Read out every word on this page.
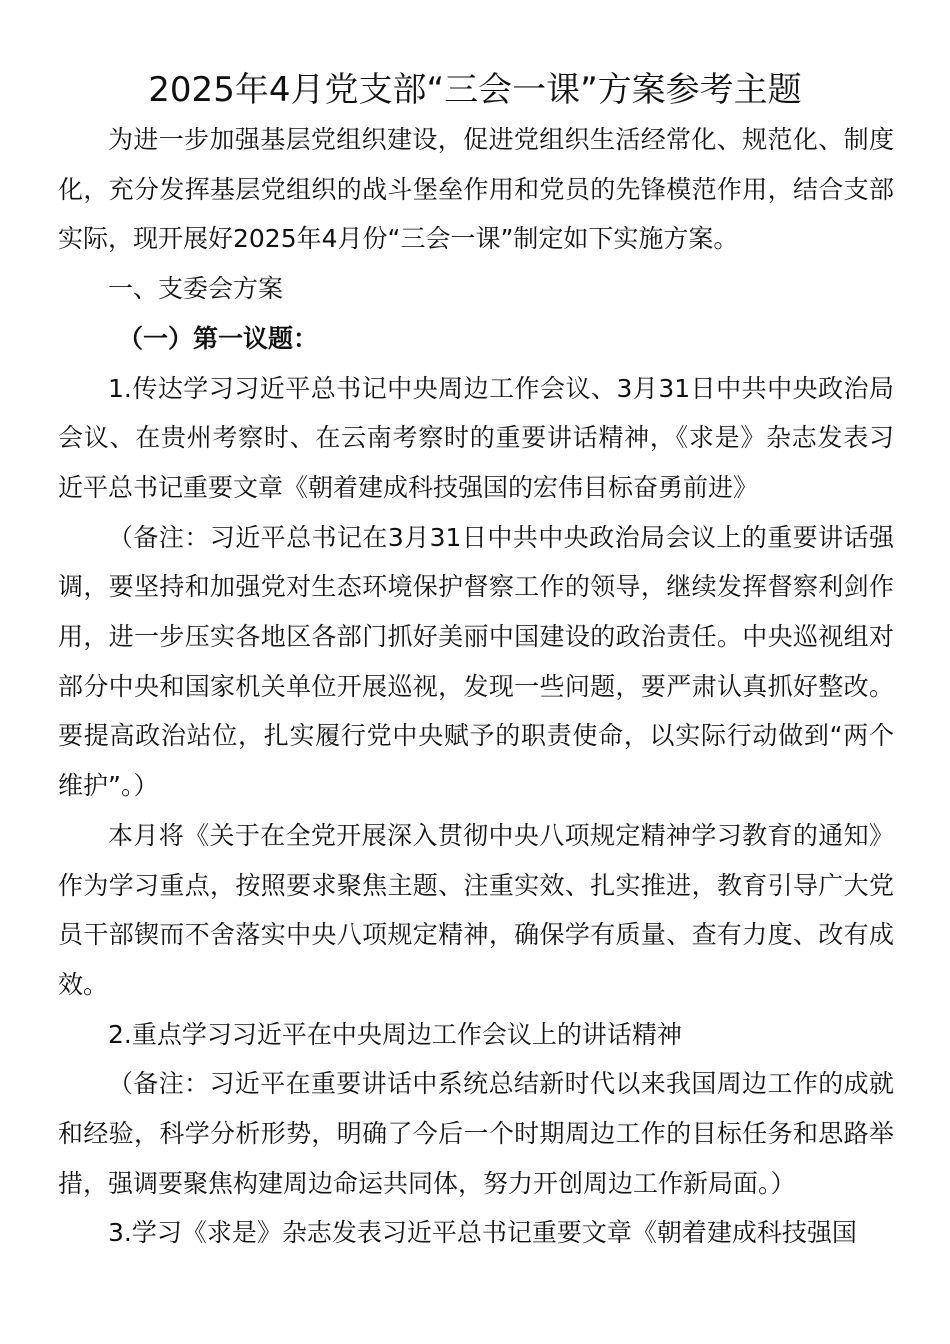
2025年4月党支部“三会一课”方案参考主题

为进一步加强基层党组织建设，促进党组织生活经常化、规范化、制度化，充分发挥基层党组织的战斗堡垒作用和党员的先锋模范作用，结合支部实际，现开展好2025年4月份“三会一课”制定如下实施方案。

一、支委会方案

（一）第一议题：

1.传达学习习近平总书记中央周边工作会议、3月31日中共中央政治局会议、在贵州考察时、在云南考察时的重要讲话精神，《求是》杂志发表习近平总书记重要文章《朝着建成科技强国的宏伟目标奋勇前进》

（备注：习近平总书记在3月31日中共中央政治局会议上的重要讲话强调，要坚持和加强党对生态环境保护督察工作的领导，继续发挥督察利剑作用，进一步压实各地区各部门抓好美丽中国建设的政治责任。中央巡视组对部分中央和国家机关单位开展巡视，发现一些问题，要严肃认真抓好整改。要提高政治站位，扎实履行党中央赋予的职责使命，以实际行动做到“两个维护”。）

本月将《关于在全党开展深入贯彻中央八项规定精神学习教育的通知》作为学习重点，按照要求聚焦主题、注重实效、扎实推进，教育引导广大党员干部锲而不舍落实中央八项规定精神，确保学有质量、查有力度、改有成效。

2.重点学习习近平在中央周边工作会议上的讲话精神

（备注：习近平在重要讲话中系统总结新时代以来我国周边工作的成就和经验，科学分析形势，明确了今后一个时期周边工作的目标任务和思路举措，强调要聚焦构建周边命运共同体，努力开创周边工作新局面。）

3.学习《求是》杂志发表习近平总书记重要文章《朝着建成科技强国
